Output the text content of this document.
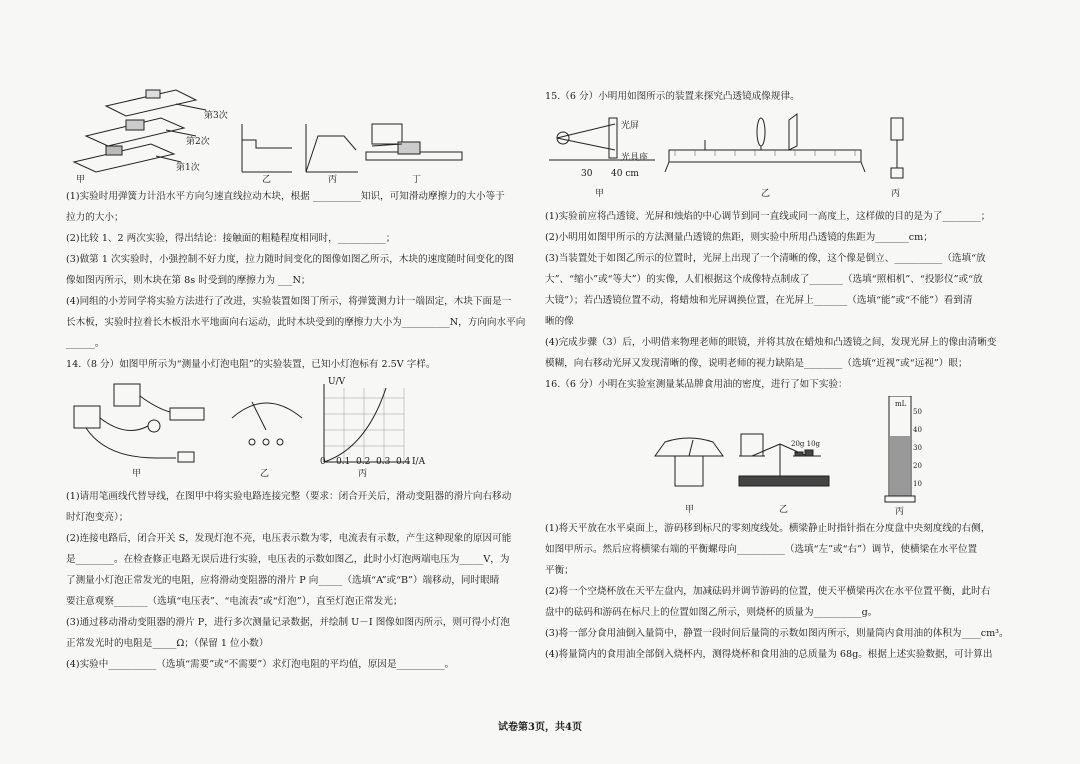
甲
第3次
第2次
第1次
乙	丙	丁
(1)实验时用弹簧力计沿水平方向匀速直线拉动木块，根据 __________知识，可知滑动摩擦力的大小等于
拉力的大小；
(2)比较 1、2 两次实验，得出结论：接触面的粗糙程度相同时，__________；
(3)做第 1 次实验时，小强控制不好力度，拉力随时间变化的图像如图乙所示，木块的速度随时间变化的图
像如图丙所示，则木块在第 8s 时受到的摩擦力为 ___N；
(4)同组的小芳同学将实验方法进行了改进，实验装置如图丁所示，将弹簧测力计一端固定，木块下面是一
长木板，实验时拉着长木板沿水平地面向右运动，此时木块受到的摩擦力大小为__________N，方向向水平向
______。
14.（8 分）如图甲所示为“测量小灯泡电阻”的实验装置，已知小灯泡标有 2.5V 字样。
甲	乙
U/V
0 0.1 0.2 0.3 0.4 I/A
丙
(1)请用笔画线代替导线，在图甲中将实验电路连接完整（要求：闭合开关后，滑动变阻器的滑片向右移动
时灯泡变亮）；
(2)连接电路后，闭合开关 S，发现灯泡不亮，电压表示数为零，电流表有示数，产生这种现象的原因可能
是________。在检查修正电路无误后进行实验，电压表的示数如图乙，此时小灯泡两端电压为_____V，为
了测量小灯泡正常发光的电阻，应将滑动变阻器的滑片 P 向_____（选填“A”或“B”）端移动，同时眼睛
要注意观察_______（选填“电压表”、“电流表”或“灯泡”），直至灯泡正常发光；
(3)通过移动滑动变阻器的滑片 P，进行多次测量记录数据，并绘制 U－I 图像如图丙所示，则可得小灯泡
正常发光时的电阻是_____Ω；（保留 1 位小数）
(4)实验中__________（选填“需要”或“不需要”）求灯泡电阻的平均值，原因是__________。
15.（6 分）小明用如图所示的装置来探究凸透镜成像规律。
光屏
光具座
30 40 cm
甲	乙	丙
(1)实验前应将凸透镜、光屏和烛焰的中心调节到同一直线或同一高度上，这样做的目的是为了________；
(2)小明用如图甲所示的方法测量凸透镜的焦距，则实验中所用凸透镜的焦距为_______cm；
(3)当装置处于如图乙所示的位置时，光屏上出现了一个清晰的像，这个像是倒立、__________（选填“放
大”、“缩小”或“等大”）的实像，人们根据这个成像特点制成了_______（选填“照相机”、“投影仪”或“放
大镜”）；若凸透镜位置不动，将蜡烛和光屏调换位置，在光屏上_______（选填“能”或“不能”）看到清
晰的像
(4)完成步骤（3）后，小明借来物理老师的眼镜，并将其放在蜡烛和凸透镜之间，发现光屏上的像由清晰变
模糊，向右移动光屏又发现清晰的像，说明老师的视力缺陷是________（选填“近视”或“远视”）眼；
16.（6 分）小明在实验室测量某品牌食用油的密度，进行了如下实验：
20g 10g
mL
50
40
30
20
10
甲	乙	丙
(1)将天平放在水平桌面上，游码移到标尺的零刻度线处。横梁静止时指针指在分度盘中央刻度线的右侧，
如图甲所示。然后应将横梁右端的平衡螺母向__________（选填“左”或“右”）调节，使横梁在水平位置
平衡；
(2)将一个空烧杯放在天平左盘内，加减砝码并调节游码的位置，使天平横梁再次在水平位置平衡，此时右
盘中的砝码和游码在标尺上的位置如图乙所示，则烧杯的质量为__________g。
(3)将一部分食用油倒入量筒中，静置一段时间后量筒的示数如图丙所示，则量筒内食用油的体积为____cm³。
(4)将量筒内的食用油全部倒入烧杯内，测得烧杯和食用油的总质量为 68g。根据上述实验数据，可计算出
试卷第3页，共4页
